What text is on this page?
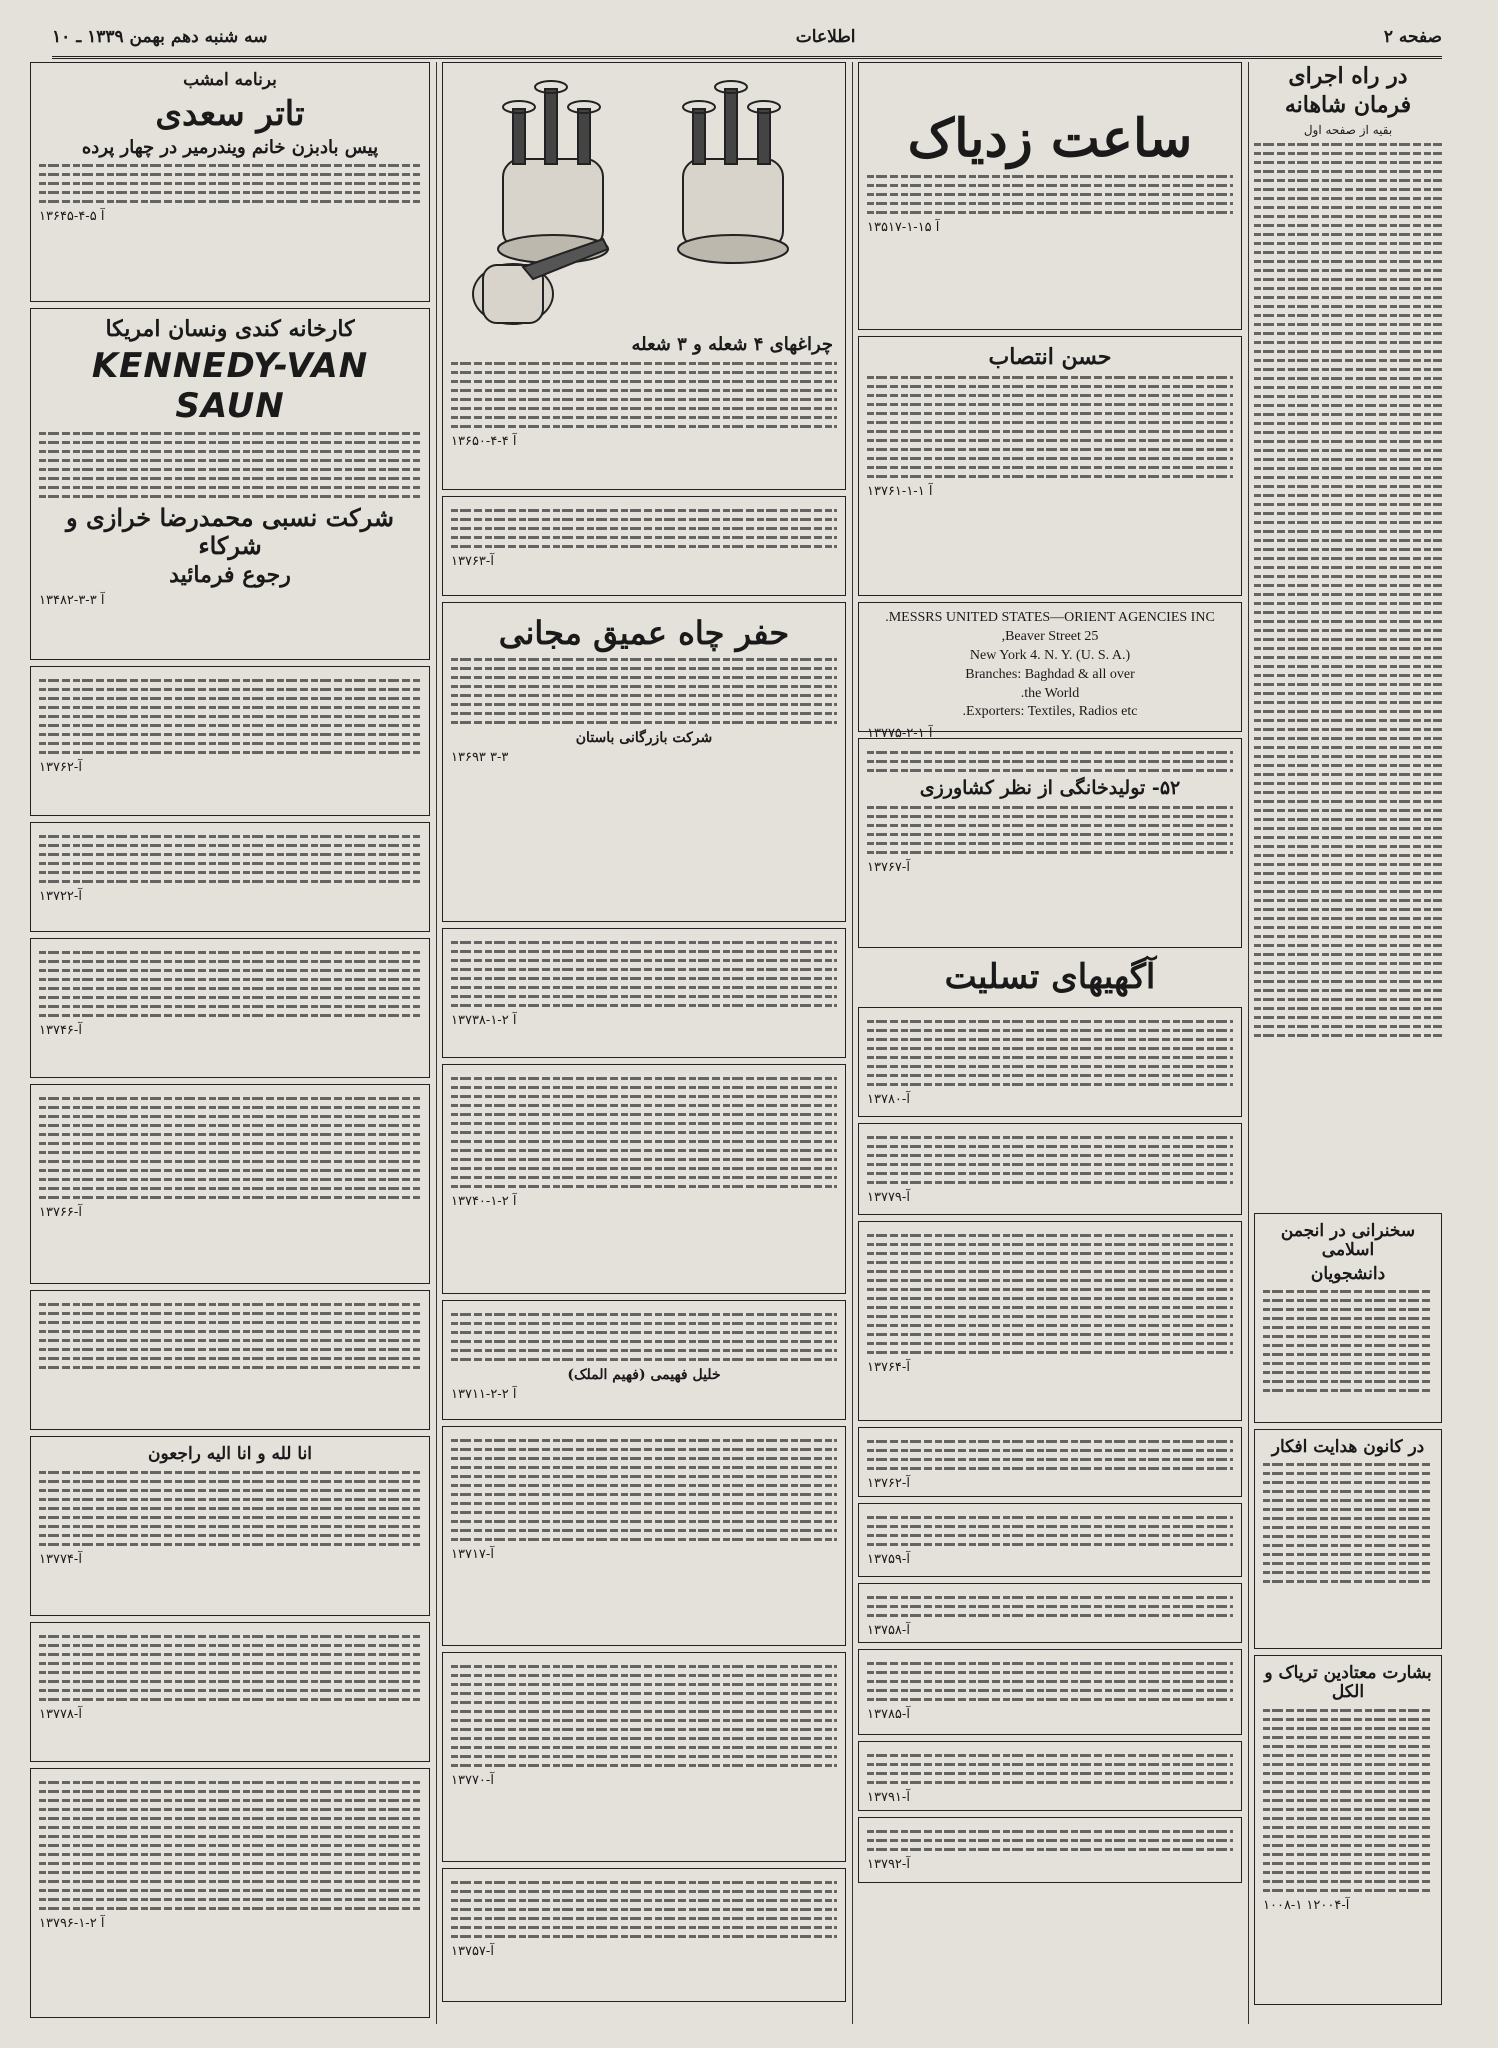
صفحه ۲
اطلاعات
سه شنبه دهم بهمن ۱۳۳۹ ـ ۱۰
در راه اجرای
فرمان شاهانه
بقیه از صفحه اول
سخنرانی در انجمن اسلامی
دانشجویان
در کانون هدایت افکار
بشارت معتادین تریاک و الکل
۱۰۰۸-۱ ۱۲۰۰۴-آ
ساعت زدیاک
۱۳۵۱۷-آ ۱۵-۱
حسن انتصاب
۱۳۷۶۱-آ ۱-۱
MESSRS UNITED STATES—ORIENT AGENCIES INC.
25 Beaver Street,
New York 4. N. Y. (U. S. A.)
Branches: Baghdad & all over
the World.
Exporters: Textiles, Radios etc.
۱۳۷۷۵-آ ۱-۲
۵۲- تولیدخانگی از نظر کشاورزی
۱۳۷۶۷-آ
آگهیهای تسلیت
۱۳۷۸۰-آ
۱۳۷۷۹-آ
۱۳۷۶۴-آ
۱۳۷۶۲-آ
۱۳۷۵۹-آ
۱۳۷۵۸-آ
۱۳۷۸۵-آ
۱۳۷۹۱-آ
۱۳۷۹۲-آ
چراغهای ۴ شعله و ۳ شعله
۱۳۶۵۰-آ ۴-۴
۱۳۷۶۳-آ
حفر چاه عمیق مجانی
شرکت بازرگانی باستان
۱۳۶۹۳ ۳-۳
۱۳۷۳۸-آ ۲-۱
۱۳۷۴۰-آ ۲-۱
خلیل فهیمی (فهیم الملک)
۱۳۷۱۱-آ ۲-۲
۱۳۷۱۷-آ
۱۳۷۷۰-آ
۱۳۷۵۷-آ
برنامه امشب
تاتر سعدی
پیس بادبزن خانم ویندرمیر در چهار پرده
۱۳۶۴۵-آ ۵-۴
کارخانه کندی ونسان امریکا
KENNEDY-VAN SAUN
شرکت نسبی محمدرضا خرازی و شرکاء
رجوع فرمائید
۱۳۴۸۲-آ ۳-۳
۱۳۷۶۲-آ
۱۳۷۲۲-آ
۱۳۷۴۶-آ
۱۳۷۶۶-آ
انا لله و انا الیه راجعون
۱۳۷۷۴-آ
۱۳۷۷۸-آ
۱۳۷۹۶-آ ۲-۱
